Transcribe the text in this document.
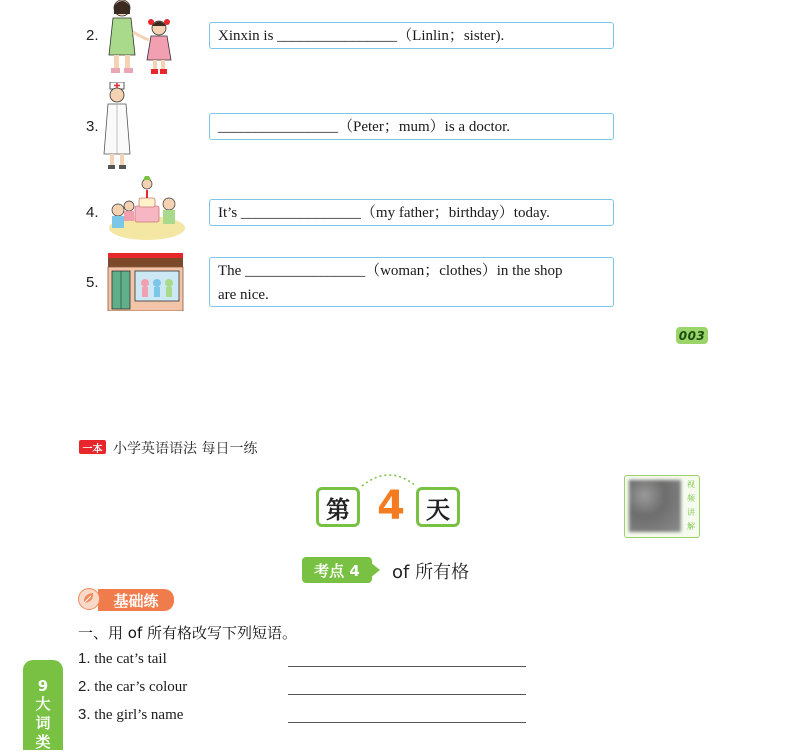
2.	Xinxin is ________________（Linlin；sister).
3.	________________（Peter；mum）is a doctor.
4.	It’s ________________（my father；birthday）today.
5.
The ________________（woman；clothes）in the shop
are nice.
003
一本 小学英语语法 每日一练
第 4 天
视频讲解
考点 4	of 所有格
基础练
一、用 of 所有格改写下列短语。
1. the cat’s tail
2. the car’s colour
3. the girl’s name
9
大词类
